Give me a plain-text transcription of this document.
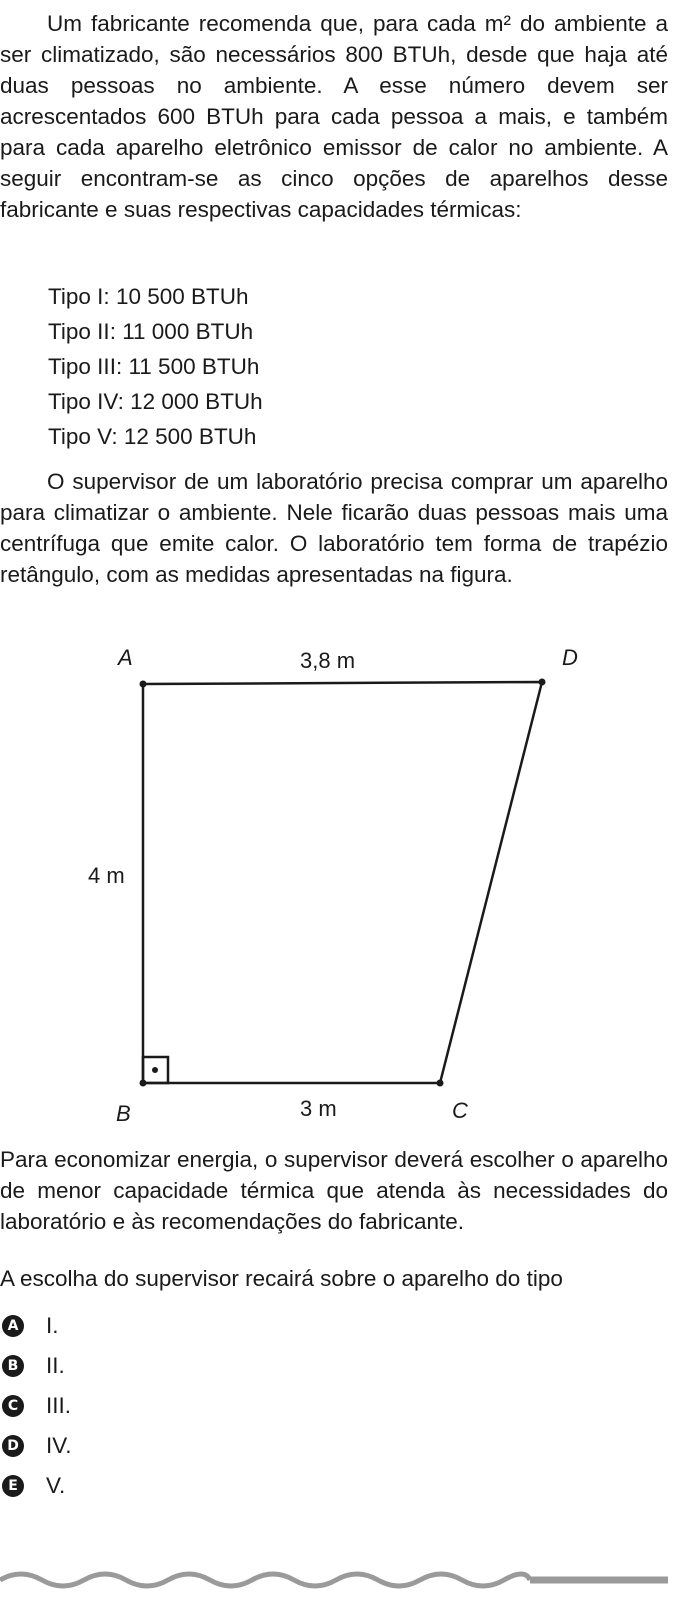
Um fabricante recomenda que, para cada m² do ambiente a ser climatizado, são necessários 800 BTUh, desde que haja até duas pessoas no ambiente. A esse número devem ser acrescentados 600 BTUh para cada pessoa a mais, e também para cada aparelho eletrônico emissor de calor no ambiente. A seguir encontram-se as cinco opções de aparelhos desse fabricante e suas respectivas capacidades térmicas:

Tipo I: 10 500 BTUh
Tipo II: 11 000 BTUh
Tipo III: 11 500 BTUh
Tipo IV: 12 000 BTUh
Tipo V: 12 500 BTUh

O supervisor de um laboratório precisa comprar um aparelho para climatizar o ambiente. Nele ficarão duas pessoas mais uma centrífuga que emite calor. O laboratório tem forma de trapézio retângulo, com as medidas apresentadas na figura.

A	D
B	C
3,8 m
4 m
3 m

Para economizar energia, o supervisor deverá escolher o aparelho de menor capacidade térmica que atenda às necessidades do laboratório e às recomendações do fabricante.

A escolha do supervisor recairá sobre o aparelho do tipo

A I.
B II.
C III.
D IV.
E V.
